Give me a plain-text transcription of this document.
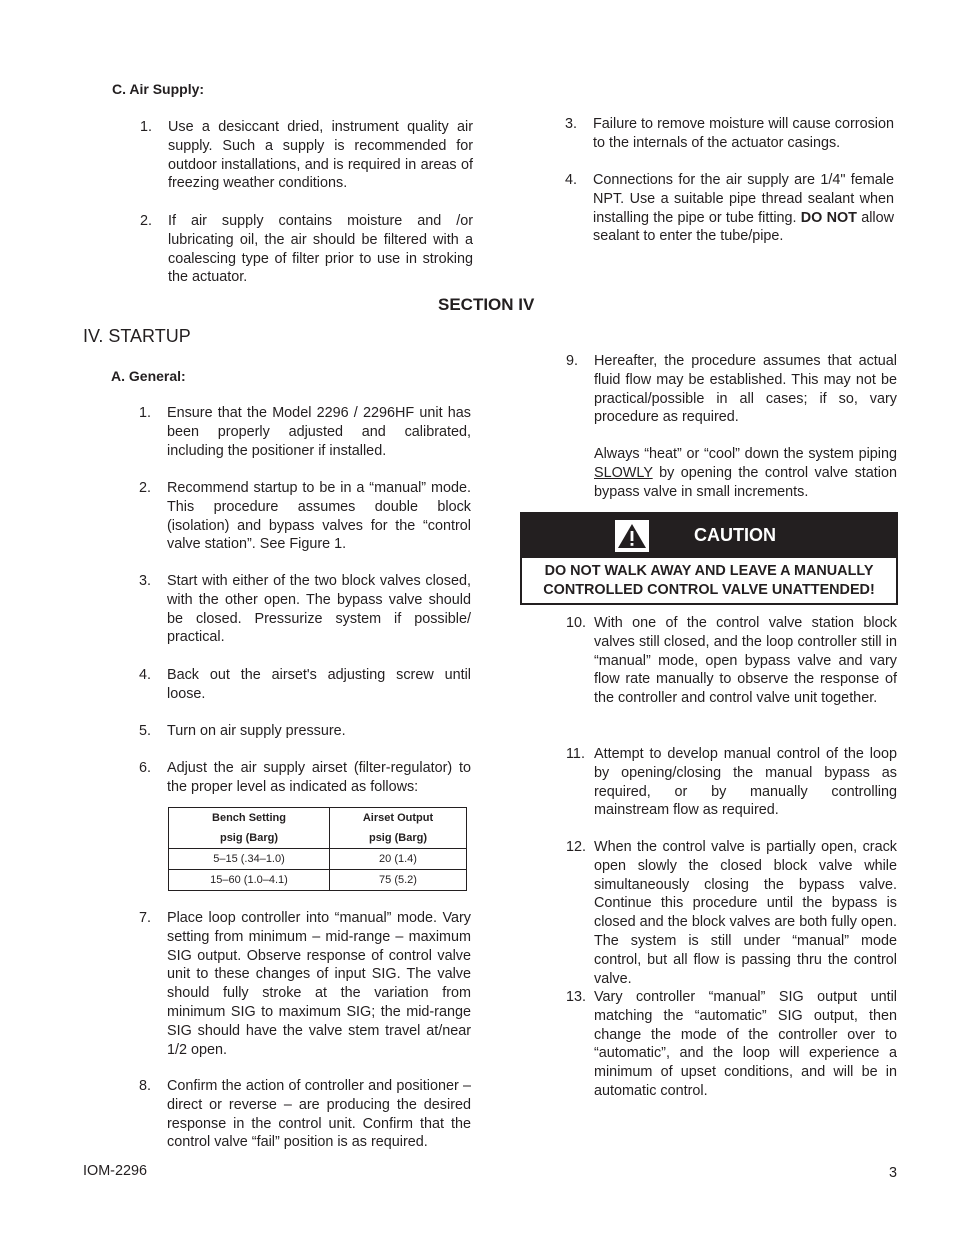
C. Air Supply:
1. Use a desiccant dried, instrument quality air supply. Such a supply is recommended for outdoor installations, and is required in areas of freezing weather conditions.
2. If air supply contains moisture and /or lubricating oil, the air should be filtered with a coalescing type of filter prior to use in stroking the actuator.
3. Failure to remove moisture will cause corrosion to the internals of the actuator casings.
4. Connections for the air supply are 1/4" female NPT. Use a suitable pipe thread sealant when installing the pipe or tube fitting. DO NOT allow sealant to enter the tube/pipe.
SECTION IV
IV. STARTUP
A. General:
1. Ensure that the Model 2296 / 2296HF unit has been properly adjusted and calibrated, including the positioner if installed.
2. Recommend startup to be in a “manual” mode. This procedure assumes double block (isolation) and bypass valves for the “control valve station”. See Figure 1.
3. Start with either of the two block valves closed, with the other open. The bypass valve should be closed. Pressurize system if possible/ practical.
4. Back out the airset's adjusting screw until loose.
5. Turn on air supply pressure.
6. Adjust the air supply airset (filter-regulator) to the proper level as indicated as follows:
Bench Setting	Airset Output
psig (Barg)	psig (Barg)
5–15 (.34–1.0)	20 (1.4)
15–60 (1.0–4.1)	75 (5.2)
7. Place loop controller into “manual” mode. Vary setting from minimum – mid-range – maximum SIG output. Observe response of control valve unit to these changes of input SIG. The valve should fully stroke at the variation from minimum SIG to maximum SIG; the mid-range SIG should have the valve stem travel at/near 1/2 open.
8. Confirm the action of controller and positioner – direct or reverse – are producing the desired response in the control unit. Confirm that the control valve “fail” position is as required.
9. Hereafter, the procedure assumes that actual fluid flow may be established. This may not be practical/possible in all cases; if so, vary procedure as required.

Always “heat” or “cool” down the system piping SLOWLY by opening the control valve station bypass valve in small increments.

CAUTION
DO NOT WALK AWAY AND LEAVE A MANUALLY
CONTROLLED CONTROL VALVE UNATTENDED!
10. With one of the control valve station block valves still closed, and the loop controller still in “manual” mode, open bypass valve and vary flow rate manually to observe the response of the controller and control valve unit together.
11. Attempt to develop manual control of the loop by opening/closing the manual bypass as required, or by manually controlling mainstream flow as required.
12. When the control valve is partially open, crack open slowly the closed block valve while simultaneously closing the bypass valve. Continue this procedure until the bypass is closed and the block valves are both fully open. The system is still under “manual” mode control, but all flow is passing thru the control valve.
13. Vary controller “manual” SIG output until matching the “automatic” SIG output, then change the mode of the controller over to “automatic”, and the loop will experience a minimum of upset conditions, and will be in automatic control.
IOM-2296	3
